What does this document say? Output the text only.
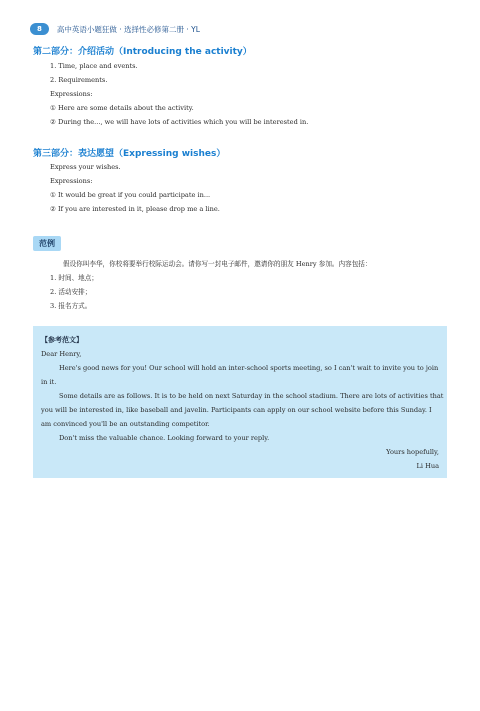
8	高中英语小题狂做 · 选择性必修第二册 · YL
第二部分：介绍活动（Introducing the activity）
1. Time, place and events.
2. Requirements.
Expressions:
① Here are some details about the activity.
② During the..., we will have lots of activities which you will be interested in.
第三部分：表达愿望（Expressing wishes）
Express your wishes.
Expressions:
① It would be great if you could participate in...
② If you are interested in it, please drop me a line.
范例
假设你叫李华，你校将要举行校际运动会。请你写一封电子邮件，邀请你的朋友 Henry 参加。内容包括：
1. 时间、地点；
2. 活动安排；
3. 报名方式。
【参考范文】
Dear Henry,
Here's good news for you! Our school will hold an inter-school sports meeting, so I can't wait to invite you to join
in it.
Some details are as follows. It is to be held on next Saturday in the school stadium. There are lots of activities that
you will be interested in, like baseball and javelin. Participants can apply on our school website before this Sunday. I
am convinced you'll be an outstanding competitor.
Don't miss the valuable chance. Looking forward to your reply.
Yours hopefully,
Li Hua
